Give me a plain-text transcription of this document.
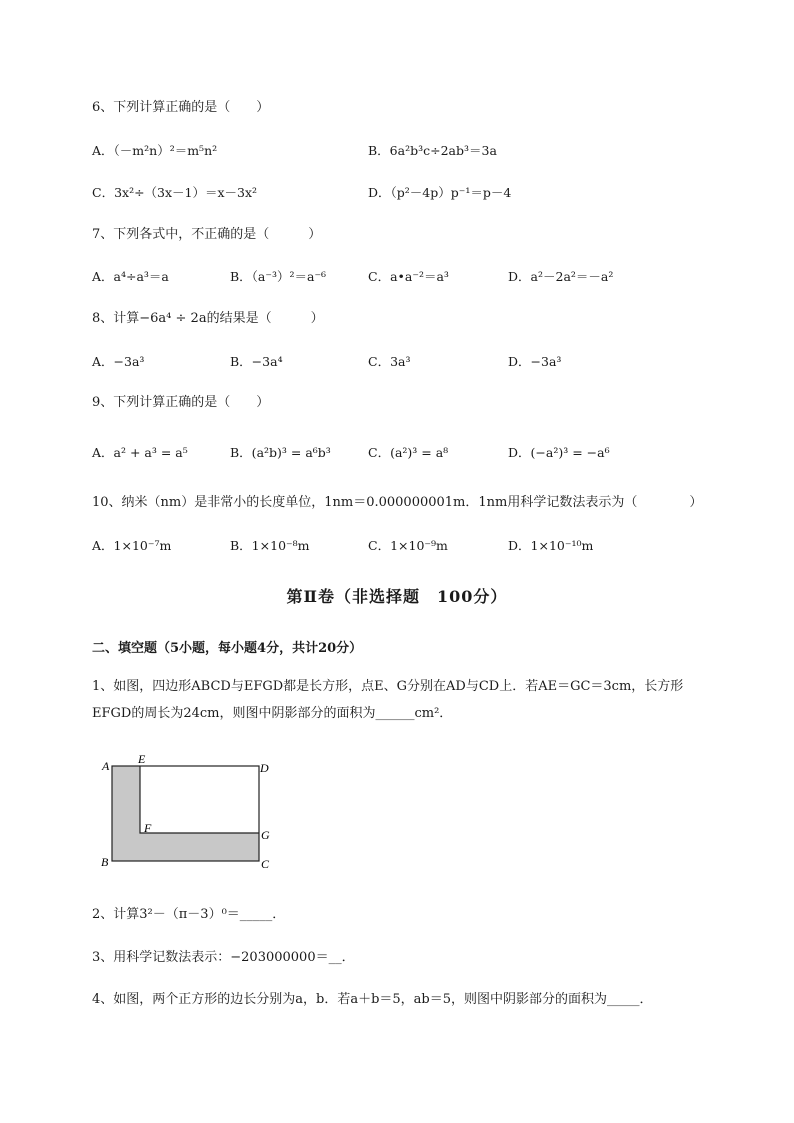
6、下列计算正确的是（　　）
A．（－m²n）²＝m⁵n²	B．6a²b³c÷2ab³＝3a
C．3x²÷（3x－1）＝x－3x²	D．（p²－4p）p⁻¹＝p－4
7、下列各式中，不正确的是（　　　）
A．a⁴÷a³＝a	B．（a⁻³）²＝a⁻⁶	C．a•a⁻²＝a³	D．a²－2a²＝－a²
8、计算−6a⁴ ÷ 2a的结果是（　　　）
A．−3a³	B．−3a⁴	C．3a³	D．−3a³
9、下列计算正确的是（　　）
A．a² + a³ = a⁵	B．(a²b)³ = a⁶b³	C．(a²)³ = a⁸	D．(−a²)³ = −a⁶
10、纳米（nm）是非常小的长度单位，1nm＝0.000000001m．1nm用科学记数法表示为（　　　　）
A．1×10⁻⁷m	B．1×10⁻⁸m	C．1×10⁻⁹m	D．1×10⁻¹⁰m
第Ⅱ卷（非选择题　100分）
二、填空题（5小题，每小题4分，共计20分）
1、如图，四边形ABCD与EFGD都是长方形，点E、G分别在AD与CD上．若AE＝GC＝3cm，长方形
EFGD的周长为24cm，则图中阴影部分的面积为______cm²．
A E
D
F	G
B	C
2、计算3²－（π－3）⁰＝_____．
3、用科学记数法表示：−203000000＝__．
4、如图，两个正方形的边长分别为a，b．若a＋b＝5，ab＝5，则图中阴影部分的面积为_____．
